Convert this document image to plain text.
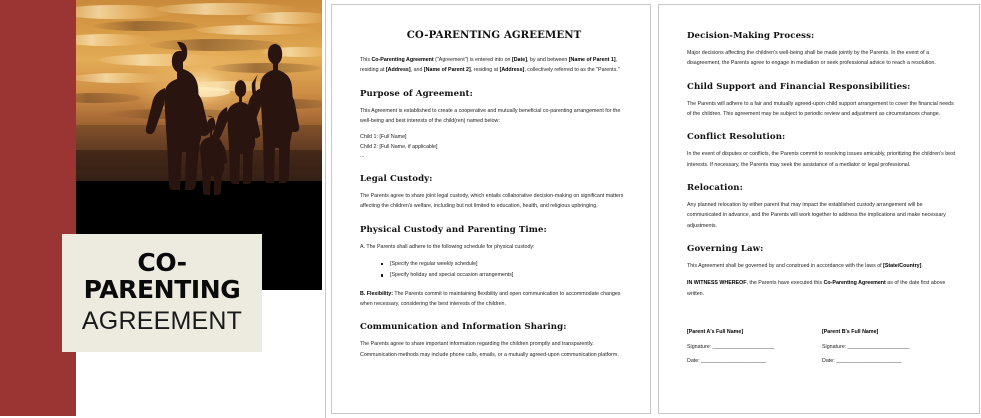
CO-PARENTING
AGREEMENT
CO-PARENTING AGREEMENT

This Co-Parenting Agreement ("Agreement") is entered into on [Date], by and between [Name of Parent 1], residing at [Address], and [Name of Parent 2], residing at [Address], collectively referred to as the "Parents."

Purpose of Agreement:

This Agreement is established to create a cooperative and mutually beneficial co-parenting arrangement for the well-being and best interests of the child(ren) named below:

Child 1: [Full Name]

Child 2: [Full Name, if applicable]

...

Legal Custody:

The Parents agree to share joint legal custody, which entails collaborative decision-making on significant matters affecting the children's welfare, including but not limited to education, health, and religious upbringing.

Physical Custody and Parenting Time:

A. The Parents shall adhere to the following schedule for physical custody:

[Specify the regular weekly schedule]
[Specify holiday and special occasion arrangements]

B. Flexibility: The Parents commit to maintaining flexibility and open communication to accommodate changes when necessary, considering the best interests of the children.

Communication and Information Sharing:

The Parents agree to share important information regarding the children promptly and transparently. Communication methods may include phone calls, emails, or a mutually agreed-upon communication platform.

Decision-Making Process:

Major decisions affecting the children's well-being shall be made jointly by the Parents. In the event of a disagreement, the Parents agree to engage in mediation or seek professional advice to reach a resolution.

Child Support and Financial Responsibilities:

The Parents will adhere to a fair and mutually agreed-upon child support arrangement to cover the financial needs of the children. This agreement may be subject to periodic review and adjustment as circumstances change.

Conflict Resolution:

In the event of disputes or conflicts, the Parents commit to resolving issues amicably, prioritizing the children's best interests. If necessary, the Parents may seek the assistance of a mediator or legal professional.

Relocation:

Any planned relocation by either parent that may impact the established custody arrangement will be communicated in advance, and the Parents will work together to address the implications and make necessary adjustments.

Governing Law:

This Agreement shall be governed by and construed in accordance with the laws of [State/Country].

IN WITNESS WHEREOF, the Parents have executed this Co-Parenting Agreement as of the date first above written.

[Parent A's Full Name]
Signature: _____________________
Date: ______________________
[Parent B's Full Name]
Signature: _____________________
Date: ______________________
